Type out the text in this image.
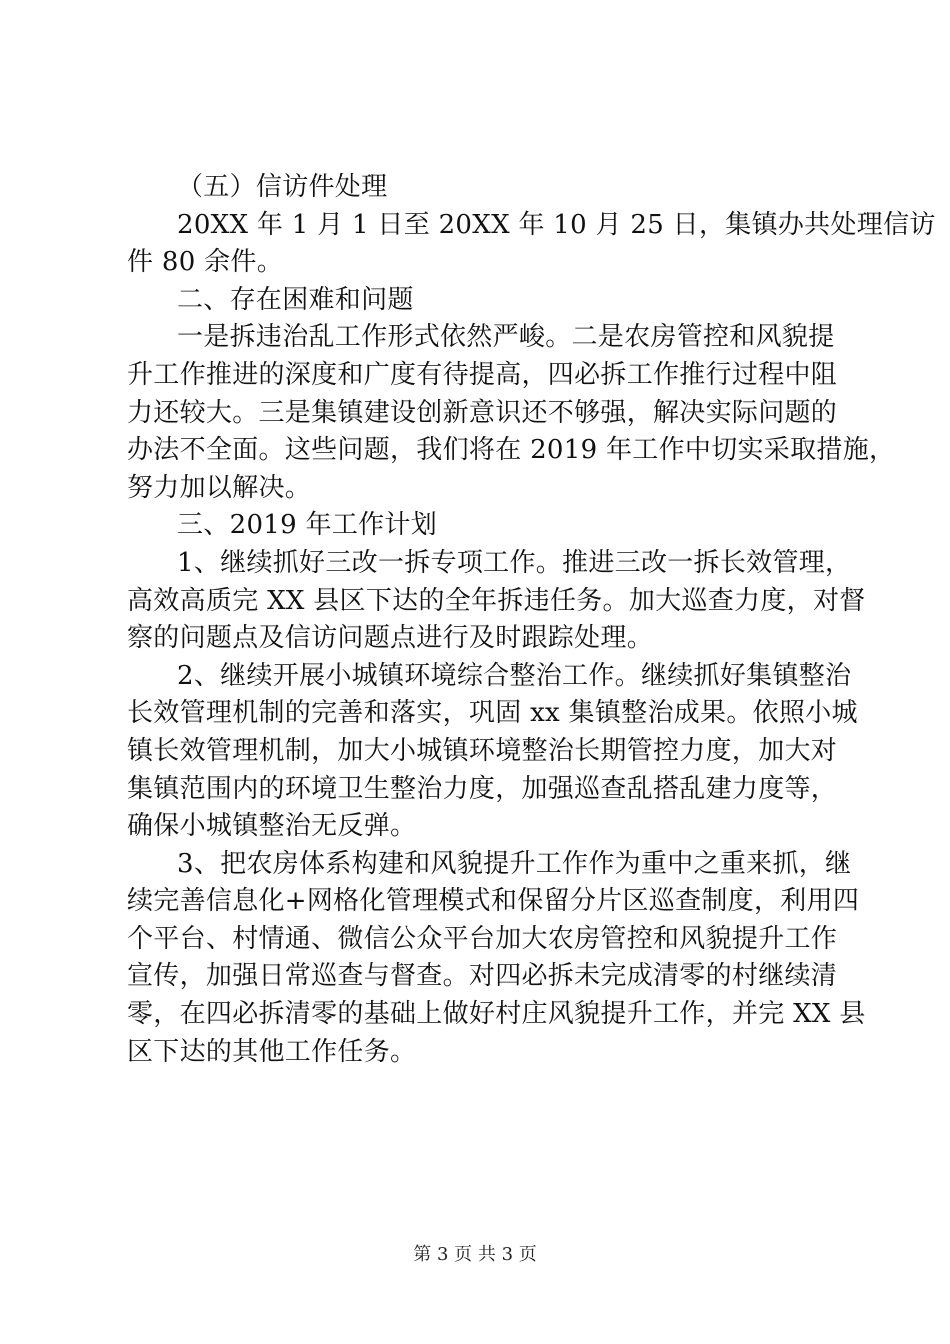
（五）信访件处理
20XX 年 1 月 1 日至 20XX 年 10 月 25 日，集镇办共处理信访
件 80 余件。
二、存在困难和问题
一是拆违治乱工作形式依然严峻。二是农房管控和风貌提
升工作推进的深度和广度有待提高，四必拆工作推行过程中阻
力还较大。三是集镇建设创新意识还不够强，解决实际问题的
办法不全面。这些问题，我们将在 2019 年工作中切实采取措施，
努力加以解决。
三、2019 年工作计划
1、继续抓好三改一拆专项工作。推进三改一拆长效管理，
高效高质完 XX 县区下达的全年拆违任务。加大巡查力度，对督
察的问题点及信访问题点进行及时跟踪处理。
2、继续开展小城镇环境综合整治工作。继续抓好集镇整治
长效管理机制的完善和落实，巩固 xx 集镇整治成果。依照小城
镇长效管理机制，加大小城镇环境整治长期管控力度，加大对
集镇范围内的环境卫生整治力度，加强巡查乱搭乱建力度等，
确保小城镇整治无反弹。
3、把农房体系构建和风貌提升工作作为重中之重来抓，继
续完善信息化+网格化管理模式和保留分片区巡查制度，利用四
个平台、村情通、微信公众平台加大农房管控和风貌提升工作
宣传，加强日常巡查与督查。对四必拆未完成清零的村继续清
零，在四必拆清零的基础上做好村庄风貌提升工作，并完 XX 县
区下达的其他工作任务。
第 3 页 共 3 页
